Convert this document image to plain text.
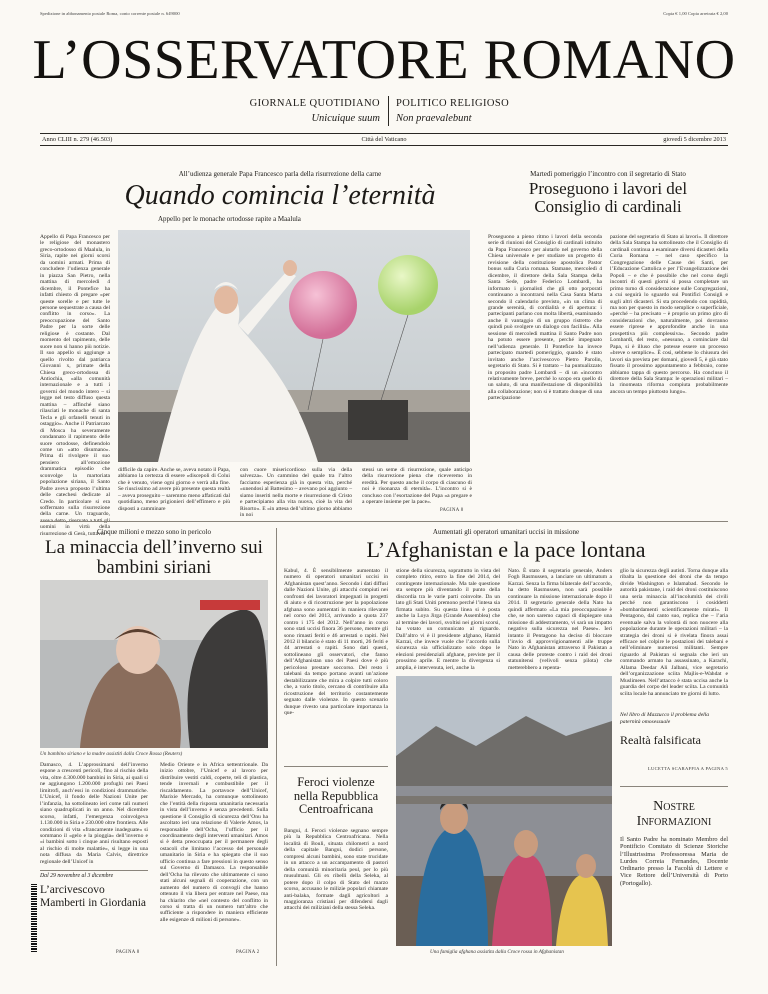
Spedizione in abbonamento postale Roma, conto corrente postale n. 649000	Copia € 1,00 Copia arretrata € 2,00
L’OSSERVATORE ROMANO
GIORNALE QUOTIDIANO POLITICO RELIGIOSO
Unicuique suum Non praevalebunt
Anno CLIII n. 279 (46.503)	Città del Vaticano	giovedì 5 dicembre 2013
All’udienza generale Papa Francesco parla della risurrezione della carne
Quando comincia l’eternità
Appello per le monache ortodosse rapite a Maalula
Appello di Papa Francesco per le religiose del monastero greco-ortodosso di Maalula, in Siria, rapite nei giorni scorsi da uomini armati. Prima di concludere l’udienza generale in piazza San Pietro, nella mattina di mercoledì 4 dicembre, il Pontefice ha infatti chiesto di pregare «per queste sorelle e per tutte le persone sequestrate a causa del conflitto in corso». La preoccupazione del Santo Padre per la sorte delle religiose è costante. Dal momento del rapimento, delle suore non si hanno più notizie. Il suo appello si aggiunge a quello rivolto dal patriarca Giovanni x, primate della Chiesa greco-ortodossa di Antiochia, «alla comunità internazionale e a tutti i governi del mondo intero – si legge nel testo diffuso questa mattina – affinché siano rilasciati le monache di santa Tecla e gli orfanelli tenuti in ostaggio». Anche il Patriarcato di Mosca ha severamente condannato il rapimento delle suore ortodosse, definendolo come un «atto disumano». Prima di rivolgere il suo pensiero all’emozione drammatica episodio che sconvolge la martoriata popolazione siriana, il Santo Padre aveva proposto l’ultima delle catechesi dedicate al Credo. In particolare si era soffermato sulla risurrezione della carne. Un traguardo, uomini in virtù della risurrezione di Gesù, tuttavia
difficile da capire. Anche se, aveva notato il Papa, abbiamo la certezza di essere «discepoli di Colui che è venuto, viene ogni giorno e verrà alla fine. Se riuscissimo ad avere più presente questa realtà – aveva proseguito – saremmo meno affaticati dal quotidiano, meno prigionieri dell’effimero e più disposti a camminare
con cuore misericordioso sulla via della salvezza». Un cammino del quale tra l’altro facciamo esperienza già in questa vita, perché «unendosi al Battesimo – avevano poi aggiunto – siamo inseriti nella morte e risurrezione di Cristo e partecipiamo alla vita nuova, cioè la vita del Risorto». E «in attesa dell’ultimo giorno abbiamo in noi
stessi un seme di risurrezione, quale anticipo della risurrezione piena che riceveremo in eredità. Per questo anche il corpo di ciascuno di noi è risonanza di eternità». L’incontro si è concluso con l’esortazione del Papa «a pregare e a operare insieme per la pace».
PAGINA 8
Martedì pomeriggio l’incontro con il segretario di Stato
Proseguono i lavori del Consiglio di cardinali
Proseguono a pieno ritmo i lavori della seconda serie di riunioni del Consiglio di cardinali istituito da Papa Francesco per aiutarlo nel governo della Chiesa universale e per studiare un progetto di revisione della costituzione apostolica Pastor bonus sulla Curia romana. Stamane, mercoledì 4 dicembre, il direttore della Sala Stampa della Santa Sede, padre Federico Lombardi, ha informato i giornalisti che gli otto porporati continuano a incontrarsi nella Casa Santa Marta secondo il calendario previsto, «in un clima di grande serenità, di cordialità e di apertura: i partecipanti parlano con molta libertà, esaminando anche il vantaggio di un gruppo ristretto che quindi può svolgere un dialogo con facilità». Alla sessione di mercoledì mattina il Santo Padre non ha potuto essere presente, perché impegnato nell’udienza generale. Il Pontefice ha invece partecipato martedì pomeriggio, quando è stato invitato anche l’arcivescovo Pietro Parolin, segretario di Stato. Si è trattato – ha puntualizzato in proposito padre Lombardi – di un «incontro relativamente breve, perché lo scopo era quello di un saluto, di una manifestazione di disponibilità alla collaborazione; non si è trattato dunque di una partecipazione
pazione del segretario di Stato ai lavori». Il direttore della Sala Stampa ha sottolineato che il Consiglio di cardinali continua a esaminare diversi dicasteri della Curia Romana – nel caso specifico la Congregazione delle Cause dei Santi, per l’Educazione Cattolica e per l’Evangelizzazione dei Popoli – e che è possibile che nel corso degli incontri di questi giorni si possa completare un primo turno di considerazione sulle Congregazioni, a cui seguirà lo sguardo sui Pontifici Consigli e sugli altri dicasteri. Si sta procedendo con rapidità, ma non per questo in modo semplice o superficiale, «perché – ha precisato – è proprio un primo giro di considerazioni che, naturalmente, poi dovranno essere riprese e approfondite anche in una prospettiva più complessiva». Secondo padre Lombardi, del resto, «nessuno, a cominciare dal Papa, si è illuso che potesse essere un processo «breve o semplice». È così, sebbene lo chiusura dei lavori sia prevista per domani, giovedì 5, è già stato fissato il prossimo appuntamento a febbraio, come abbiamo tappa di questo percorso. Ha concluso il direttore della Sala Stampa: le operazioni militari – la rinomeata riforma compiuta probabilmente ancora un tempo piuttosto lungo».
Cinque milioni e mezzo sono in pericolo
La minaccia dell’inverno sui bambini siriani
Un bambino siriano e la madre assistiti dalla Croce Rossa (Reuters)
Damasco, 4. L’approssimarsi dell’inverno espone a crescenti pericoli, fino al rischio della vita, oltre 4.300.000 bambini in Siria, ai quali si ne aggiungono 1.200.000 profughi nei Paesi limitrofi, anch’essi in condizioni drammatiche. L’Unicef, il fondo delle Nazioni Unite per l’infanzia, ha sottolineato ieri come tali numeri siano quadruplicati in un anno. Nel dicembre scorso, infatti, l’emergenza coinvolgeva 1.130.000 in Siria e 230.000 oltre frontiera. Alle condizioni di vita «francamente inadeguate» si sommano il «gelo e la pioggia» dell’inverno e «i bambini sotto i cinque anni risultano esposti al rischio di molte malattie», si legge in una nota diffusa da Maria Calvis, direttrice regionale dell’Unicef in
Medio Oriente e in Africa settentrionale. Da inizio ottobre, l’Unicef e al lavoro per distribuire vestiti caldi, coperte, teli di plastica, tende invernali e combustibile per il riscaldamento. La portavoce dell’Unicef, Marixie Mercado, ha comunque sottolineato che l’entità della risposta umanitaria necessaria in vista dell’inverno è senza precedenti. Sulla questione il Consiglio di sicurezza dell’Onu ha ascoltato ieri una relazione di Valerie Amos, la responsabile dell’Ocha, l’ufficio per il coordinamento degli interventi umanitari. Amos si è detta preoccupata per il permanere degli ostacoli che limitano l’accesso del personale umanitario in Siria e ha spiegato che il suo ufficio continua a fare pressioni in questo senso sul Governo di Damasco. La responsabile dell’Ocha ha rilevato che ultimamente ci sono stati alcuni segnali di cooperazione, con un aumento del numero di convogli che hanno ottenuto il via libera per entrare nel Paese, ma ha chiarito che «nel contesto del conflitto in corso si tratta di un numero tutt’altro che sufficiente a rispondere in maniera efficiente alle esigenze di milioni di persone».
PAGINA 2
Dal 29 novembre al 3 dicembre
L’arcivescovo Mamberti in Giordania
PAGINA 8
Aumentati gli operatori umanitari uccisi in missione
L’Afghanistan e la pace lontana
Kabul, 4. È sensibilmente aumentato il numero di operatori umanitari uccisi in Afghanistan quest’anno. Secondo i dati diffusi dalle Nazioni Unite, gli attacchi compiuti nei confronti dei lavoratori impegnati in progetti di aiuto e di ricostruzione per la popolazione afghana sono aumentati in maniera rilevante nel corso del 2013, arrivando a quota 237 contro i 175 del 2012. Nell’anno in corso sono stati uccisi finora 36 persone, mentre gli sono rimasti feriti e 46 arrestati o rapiti. Nel 2012 il bilancio è stato di 11 morti, 26 feriti e 44 arrestati o rapiti. Sono dati questi, sottolineano gli osservatori, che fanno dell’Afghanistan uno dei Paesi dove è più pericoloso prestare soccorso. Del resto i talebani da tempo portano avanti un’azione destabilizzante che mira a colpire tutti coloro che, a vario titolo, cercano di contribuire alla ricostruzione del territorio costantemente segnato dalle violenze. In questo scenario dunque rivesto una particolare importanza la que-
stione della sicurezza, soprattutto in vista del completo ritiro, entro la fine del 2014, del contingente internazionale. Ma tale questione sta sempre più diventando il punto della discordia tra le varie parti coinvolte. Da un lato gli Stati Uniti premono perché l’intesa sia firmata subito. Su questa linea si è posta anche la Loya Jirga (Grande Assemblea) che al termine dei lavori, svoltisi nei giorni scorsi, ha votato un comunicato al riguardo. Dall’altro vi è il presidente afghano, Hamid Karzai, che invece vuole che l’accordo sulla sicurezza sia ufficializzato solo dopo le elezioni presidenziali afghane, previste per il prossimo aprile. E mentre la divergenza si amplia, è intervenuta, ieri, anche la
Nato. È stato il segretario generale, Anders Fogh Rasmussen, a lanciare un ultimatum a Karzai. Senza la firma bilaterale dell’accordo, ha detto Rasmussen, non sarà possibile continuare la missione internazionale dopo il 2014. Il segretario generale della Nato ha quindi affermato «La mia preoccupazione è che, se non saremo capaci di dispiegare una missione di addestramento, vi sarà un impatto negativo sulla sicurezza nel Paese». Ieri intanto il Pentagono ha deciso di bloccare l’invio di approvvigionamenti alle truppe Nato in Afghanistan attraverso il Pakistan a causa delle proteste contro i raid dei droni statunitensi (velivoli senza pilota) che metterebbero a repenta-
glio la sicurezza degli autisti. Torna dunque alla ribalta la questione dei droni che da tempo divide Washington e Islamabad. Secondo le autorità pakistane, i raid dei droni costituiscono una seria minaccia all’incolumità dei civili perché non garantiscono i cosiddetti «bombardamenti scientificamente mirati». Il Pentagono, dal canto suo, replica che – l’aria eventuale salva la volontà di non nuocere alla popolazione durante le operazioni militari – la strategia dei droni si è rivelata finora assai efficace nel colpire le postazioni dei talebani e nell’eliminare numerosi militanti. Sempre riguardo al Pakistan si segnala che ieri un commando armato ha assassinato, a Karachi, Allama Deedar Ali Jalbani, vice segretario dell’organizzazione sciita Majlis-e-Wahdat e Muslimeen. Nell’attacco è stata uccisa anche la guardia del corpo del leader sciita. La comunità sciita locale ha annunciato tre giorni di lutto.
Una famiglia afghana assistita dalla Croce rossa in Afghanistan
Feroci violenze nella Repubblica Centroafricana
Bangui, 4. Feroci violenze segnano sempre più la Repubblica Centroafricana. Nella località di Bouli, situata chilometri a nord della capitale Bangui, dodici persone, compresi alcuni bambini, sono state trucidate in un attacco a un accampamento di pastori della comunità minoritaria peul, per lo più musulmani. Gli ex ribelli della Seleka, al potere dopo il colpo di Stato del marzo scorso, accusano le milizie popolari chiamate anti-balaka, formate dagli agricoltori a maggioranza cristiani per difendersi dagli attacchi dei miliziani della stessa Seleka.
Nel libro di Mazzucco il problema della paternità omosessuale
Realtà falsificata
LUCETTA SCARAFFIA A PAGINA 5
Nostre Informazioni
Il Santo Padre ha nominato Membro del Pontificio Comitato di Scienze Storiche l’Illustrissima Professoressa Maria de Lurdes Correia Fernandes, Docente Ordinario presso la Facoltà di Lettere e Vice Rettore dell’Università di Porto (Portogallo).
